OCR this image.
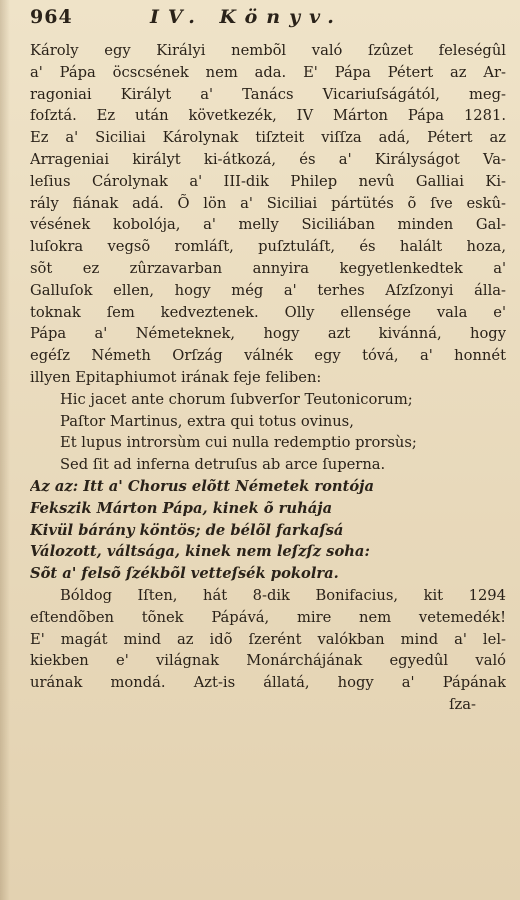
964	IV. Könyv.
Károly egy Királyi nembõl való ſzûzet feleségûl
a' Pápa öcscsének nem ada. E' Pápa Pétert az Ar-
ragoniai Királyt a' Tanács Vicariuſságától, meg-
foſztá. Ez után következék, IV Márton Pápa 1281.
Ez a' Siciliai Károlynak tiſzteit viſſza adá, Pétert az
Arrageniai királyt ki-átkozá, és a' Királyságot Va-
leſius Cárolynak a' III-dik Philep nevû Galliai Ki-
rály fiának adá. Õ lön a' Siciliai pártütés õ ſve eskû-
vésének kobolója, a' melly Siciliában minden Gal-
luſokra vegsõ romláſt, puſztuláſt, és halált hoza,
sõt ez zûrzavarban annyira kegyetlenkedtek a'
Galluſok ellen, hogy még a' terhes Aſzſzonyi álla-
toknak ſem kedveztenek. Olly ellensége vala e'
Pápa a' Németeknek, hogy azt kivánná, hogy
egéſz Németh Orſzág válnék egy tóvá, a' honnét
illyen Epitaphiumot irának feje feliben:
Hic jacet ante chorum ſubverſor Teutonicorum;
Paſtor Martinus, extra qui totus ovinus,
Et lupus introrsùm cui nulla redemptio prorsùs;
Sed ſit ad inferna detruſus ab arce ſuperna.
Az az: Itt a' Chorus elõtt Németek rontója
Fekszik Márton Pápa, kinek õ ruhája
Kivül bárány köntös; de bélõl farkaſsá
Válozott, váltsága, kinek nem leſzſz soha:
Sõt a' felsõ ſzékbõl vetteſsék pokolra.
Bóldog Iſten, hát 8-dik Bonifacius, kit 1294
eſtendõben tõnek Pápává, mire nem vetemedék!
E' magát mind az idõ ſzerént valókban mind a' lel-
kiekben e' világnak Monárchájának egyedûl való
urának mondá. Azt-is állatá, hogy a' Pápának
ſza-
